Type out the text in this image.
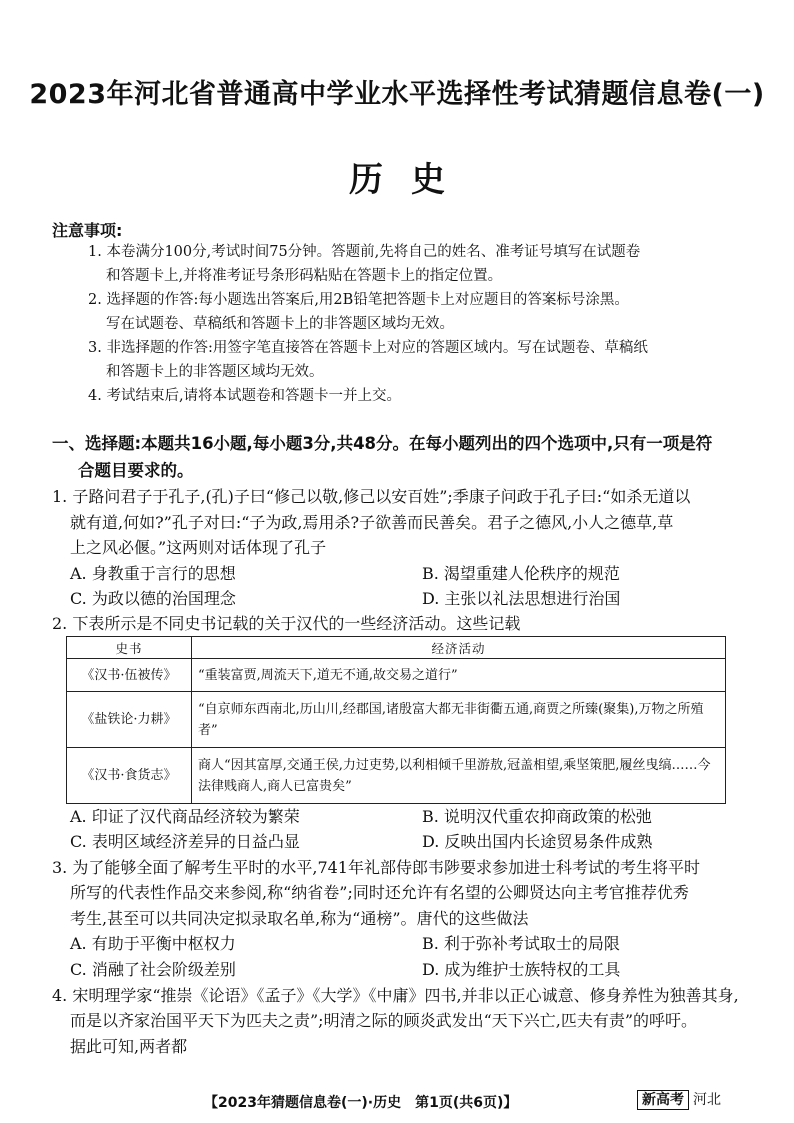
2023年河北省普通高中学业水平选择性考试猜题信息卷(一)
历史
注意事项:
1. 本卷满分100分,考试时间75分钟。答题前,先将自己的姓名、准考证号填写在试题卷
和答题卡上,并将准考证号条形码粘贴在答题卡上的指定位置。
2. 选择题的作答:每小题选出答案后,用2B铅笔把答题卡上对应题目的答案标号涂黑。
写在试题卷、草稿纸和答题卡上的非答题区域均无效。
3. 非选择题的作答:用签字笔直接答在答题卡上对应的答题区域内。写在试题卷、草稿纸
和答题卡上的非答题区域均无效。
4. 考试结束后,请将本试题卷和答题卡一并上交。
一、选择题:本题共16小题,每小题3分,共48分。在每小题列出的四个选项中,只有一项是符
合题目要求的。
1. 子路问君子于孔子,(孔)子曰“修己以敬,修己以安百姓”;季康子问政于孔子曰:“如杀无道以
就有道,何如?”孔子对曰:“子为政,焉用杀?子欲善而民善矣。君子之德风,小人之德草,草
上之风必偃。”这两则对话体现了孔子
A. 身教重于言行的思想	B. 渴望重建人伦秩序的规范
C. 为政以德的治国理念	D. 主张以礼法思想进行治国
2. 下表所示是不同史书记载的关于汉代的一些经济活动。这些记载
史书	经济活动
《汉书·伍被传》	“重装富贾,周流天下,道无不通,故交易之道行”
《盐铁论·力耕》	“自京师东西南北,历山川,经郡国,诸殷富大都无非街衢五通,商贾之所臻(聚集),万物之所殖者”
《汉书·食货志》	商人“因其富厚,交通王侯,力过吏势,以利相倾千里游敖,冠盖相望,乘坚策肥,履丝曳缟……今法律贱商人,商人已富贵矣”
A. 印证了汉代商品经济较为繁荣	B. 说明汉代重农抑商政策的松弛
C. 表明区域经济差异的日益凸显	D. 反映出国内长途贸易条件成熟
3. 为了能够全面了解考生平时的水平,741年礼部侍郎韦陟要求参加进士科考试的考生将平时
所写的代表性作品交来参阅,称“纳省卷”;同时还允许有名望的公卿贤达向主考官推荐优秀
考生,甚至可以共同决定拟录取名单,称为“通榜”。唐代的这些做法
A. 有助于平衡中枢权力	B. 利于弥补考试取士的局限
C. 消融了社会阶级差别	D. 成为维护士族特权的工具
4. 宋明理学家“推崇《论语》《孟子》《大学》《中庸》四书,并非以正心诚意、修身养性为独善其身,
而是以齐家治国平天下为匹夫之责”;明清之际的顾炎武发出“天下兴亡,匹夫有责”的呼吁。
据此可知,两者都
【2023年猜题信息卷(一)·历史　第1页(共6页)】	新高考 河北
